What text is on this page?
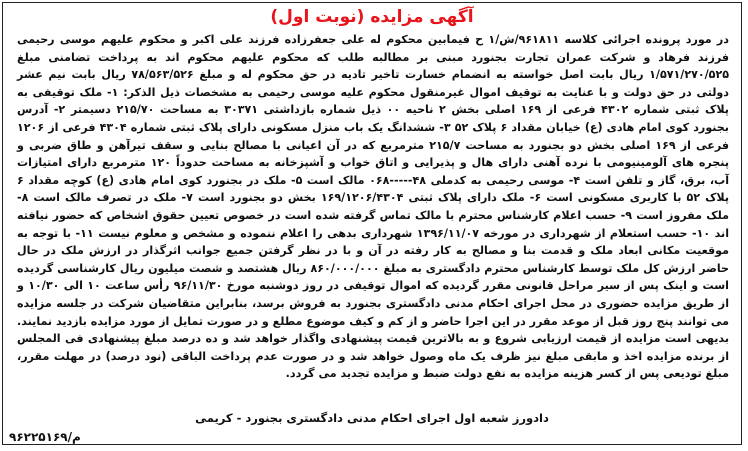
آگهی مزایده (نوبت اول)

در مورد پرونده اجرائی کلاسه ۹۶۱۸۱۱/ش/۱ ح فیمابین محکوم له علی جعفرزاده فرزند علی اکبر و محکوم علیهم موسی رحیمی فرزند فرهاد و شرکت عمران تجارت بجنورد مبنی بر مطالبه طلب که محکوم علیهم محکوم اند به پرداخت تضامنی مبلغ ۱/۵۷۱/۲۷۰/۵۲۵ ریال بابت اصل خواسته به انضمام خسارت تاخیر تادیه در حق محکوم له و مبلغ ۷۸/۵۶۳/۵۲۶ ریال بابت نیم عشر دولتی در حق دولت و با عنایت به توقیف اموال غیرمنقول محکوم علیه موسی رحیمی به مشخصات ذیل الذکر: ۱- ملک توقیفی به پلاک ثبتی شماره ۴۳۰۲ فرعی از ۱۶۹ اصلی بخش ۲ ناحیه ۰۰ ذیل شماره بازداشتی ۳۰۳۷۱ به مساحت ۲۱۵/۷۰ دسیمتر ۲- آدرس بجنورد کوی امام هادی (ع) خیابان مقداد ۶ پلاک ۵۲ ۳- ششدانگ یک باب منزل مسکونی دارای پلاک ثبتی شماره ۴۳۰۴ فرعی از ۱۲۰۶ فرعی از ۱۶۹ اصلی بخش دو بجنورد به مساحت ۲۱۵/۷ مترمربع که در آن اعیانی با مصالح بنایی و سقف تیرآهن و طاق ضربی و پنجره های آلومینیومی با نرده آهنی دارای هال و پذیرایی و اتاق خواب و آشپزخانه به مساحت حدوداً ۱۲۰ مترمربع دارای امتیازات آب، برق، گاز و تلفن است ۴- موسی رحیمی به کدملی ۴۸-----۰۶۸ مالک است ۵- ملک در بجنورد کوی امام هادی (ع) کوچه مقداد ۶ پلاک ۵۲ با کاربری مسکونی است ۶- ملک دارای پلاک ثبتی ۱۶۹/۱۲۰۶/۴۳۰۴ بخش دو بجنورد است ۷- ملک در تصرف مالک است ۸- ملک مفروز است ۹- حسب اعلام کارشناس محترم با مالک تماس گرفته شده است در خصوص تعیین حقوق اشخاص که حضور نیافته اند ۱۰- حسب استعلام از شهرداری در مورخه ۱۳۹۶/۱۱/۰۷ شهرداری بدهی را اعلام ننموده و مشخص و معلوم نیست ۱۱- با توجه به موقعیت مکانی ابعاد ملک و قدمت بنا و مصالح به کار رفته در آن و با در نظر گرفتن جمیع جوانب اثرگذار در ارزش ملک در حال حاضر ارزش کل ملک توسط کارشناس محترم دادگستری به مبلغ ۸۶۰/۰۰۰/۰۰۰ ریال هشتصد و شصت میلیون ریال کارشناسی گردیده است و اینک پس از سیر مراحل قانونی مقرر گردیده که اموال توقیفی در روز دوشنبه مورخ ۹۶/۱۱/۳۰ رأس ساعت ۱۰ الی ۱۰/۳۰ و از طریق مزایده حضوری در محل اجرای احکام مدنی دادگستری بجنورد به فروش برسد، بنابراین متقاضیان شرکت در جلسه مزایده می توانند پنج روز قبل از موعد مقرر در این اجرا حاضر و از کم و کیف موضوع مطلع و در صورت تمایل از مورد مزایده بازدید نمایند. بدیهی است مزایده از قیمت ارزیابی شروع و به بالاترین قیمت پیشنهادی واگذار خواهد شد و ده درصد مبلغ پیشنهادی فی المجلس از برنده مزایده اخذ و مابقی مبلغ نیز ظرف یک ماه وصول خواهد شد و در صورت عدم پرداخت الباقی (نود درصد) در مهلت مقرر، مبلغ تودیعی پس از کسر هزینه مزایده به نفع دولت ضبط و مزایده تجدید می گردد.

دادورز شعبه اول اجرای احکام مدنی دادگستری بجنورد - کریمی
۹۶۲۲۵۱۶۹/م
